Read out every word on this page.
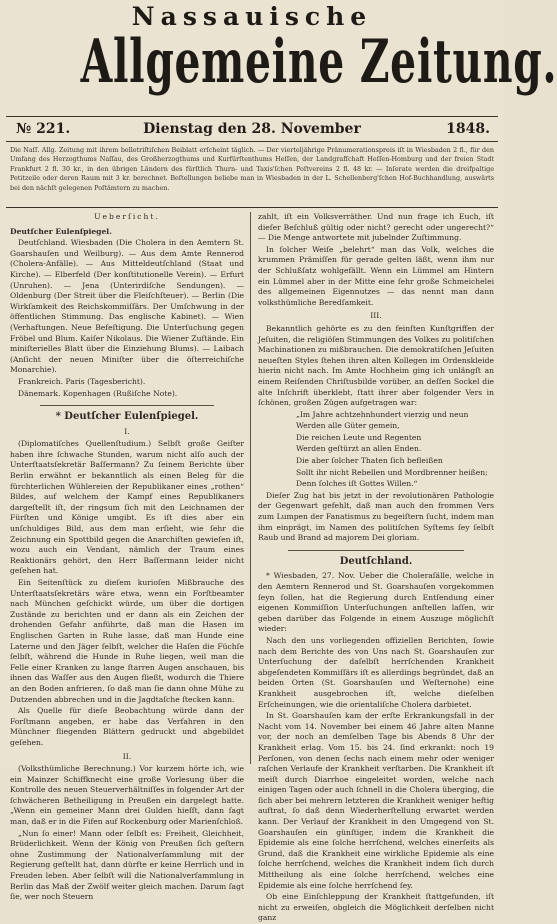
Nassauische
Allgemeine Zeitung.
№ 221.	Dienstag den 28. November	1848.
Die Naſſ. Allg. Zeitung mit ihrem belletriſtiſchen Beiblatt erſcheint täglich. — Der vierteljährige Pränumerationspreis iſt in Wiesbaden 2 fl., für den Umfang des Herzogthums Naſſau, des Großherzogthums und Kurfürſtenthums Heſſen, der Landgrafſchaft Heſſen-Homburg und der freien Stadt Frankfurt 2 fl. 30 kr., in den übrigen Ländern des fürſtlich Thurn- und Taxis'ſchen Poſtvereins 2 fl. 48 kr. — Inſerate werden die dreifpaltige Petitzeile oder deren Raum mit 3 kr. berechnet. Beſtellungen beliebe man in Wiesbaden in der L. Schellenberg'ſchen Hof-Buchhandlung, auswärts bei den nächſt gelegenen Poſtämtern zu machen.
Ueberſicht.

Deutſcher Eulenſpiegel.

Deutſchland. Wiesbaden (Die Cholera in den Aemtern St. Goarshauſen und Weilburg). — Aus dem Amte Rennerod (Cholera-Anfälle). — Aus Mitteldeutſchland (Staat und Kirche). — Elberfeld (Der konſtitutionelle Verein). — Erfurt (Unruhen). — Jena (Unterirdiſche Sendungen). — Oldenburg (Der Streit über die Fleiſchſteuer). — Berlin (Die Wirkſamkeit des Reichskommiſſärs. Der Umſchwung in der öffentlichen Stimmung. Das englische Kabinet). — Wien (Verhaftungen. Neue Befeſtigung. Die Unterſuchung gegen Fröbel und Blum. Kaiſer Nikolaus. Die Wiener Zuſtände. Ein miniſterielles Blatt über die Einziehung Blums). — Laibach (Anſicht der neuen Miniſter über die öſterreichiſche Monarchie).

Frankreich. Paris (Tagesbericht).

Dänemark. Kopenhagen (Rußiſche Note).

* Deutſcher Eulenſpiegel.
I.

(Diplomatiſches Quellenſtudium.) Selbſt große Geiſter haben ihre ſchwache Stunden, warum nicht alſo auch der Unterſtaatsſekretär Baſſermann? Zu ſeinem Berichte über Berlin erwähnt er bekanntlich als einen Beleg für die fürchterlichen Wühlereien der Republikaner eines „rothen“ Bildes, auf welchem der Kampf eines Republikaners dargeſtellt iſt, der ringsum ſich mit den Leichnamen der Fürſten und Könige umgibt. Es iſt dies aber ein unſchuldiges Bild, aus dem man erſieht, wie ſehr die Zeichnung ein Spottbild gegen die Anarchiſten gewieſen iſt, wozu auch ein Vendant, nämlich der Traum eines Reaktionärs gehört, den Herr Baſſermann leider nicht geſehen hat.

Ein Seitenſtück zu dieſem kurioſen Mißbrauche des Unterſtaatsſekretärs wäre etwa, wenn ein Forſtbeamter nach München geſchickt würde, um über die dortigen Zustände zu berichten und er dann als ein Zeichen der drohenden Gefahr anführte, daß man die Hasen im Englischen Garten in Ruhe lasse, daß man Hunde eine Laterne und den Jäger ſelbſt, welcher die Haſen die Füchſe ſelbſt, während die Hunde in Ruhe liegen, weil man die Felle einer Kranken zu lange ſtarren Augen anschauen, bis ihnen das Waſſer aus den Augen fließt, wodurch die Thiere an den Boden anfrieren, ſo daß man ſie dann ohne Mühe zu Dutzenden abbrechen und in die Jagdtaſche ſtecken kann.

Als Quelle für dieſe Beobachtung würde dann der Forſtmann angeben, er habe das Verfahren in den Münchner fliegenden Blättern gedruckt und abgebildet geſehen.

II.

(Volksthümliche Berechnung.) Vor kurzem hörte ich, wie ein Mainzer Schiffknecht eine große Vorlesung über die Kontrolle des neuen Steuerverhältniſſes in folgender Art der ſchwächeren Betheiligung in Preußen ein dargelegt hatte. „Wenn ein gemeiner Mann drei Gulden hieſſt, dann ſagt man, daß er in die Fifen auf Rockenburg oder Marienſchloß.

„Nun ſo einer! Mann oder ſelbſt es: Freiheit, Gleichheit, Brüderlichkeit. Wenn der König von Preußen ſich geſtern ohne Zustimmung der Nationalverſammlung mit der Regierung geſtellt hat, dann dürfte er keine Herrlich und in Freuden leben. Aber ſelbſt will die Nationalverſammlung in Berlin das Maß der Zwölf weiter gleich machen. Darum ſagt ſie, wer noch Steuern

zahlt, iſt ein Volksverräther. Und nun frage ich Euch, iſt dieſer Beſchluß gültig oder nicht? gerecht oder ungerecht?“ — Die Menge antwortete mit jubelnder Zuſtimmung.

In ſolcher Weiſe „belehrt“ man das Volk, welches die krummen Prämiſſen für gerade gelten läßt, wenn ihm nur der Schlußſatz wohlgefällt. Wenn ein Lümmel am Hintern ein Lümmel aber in der Mitte eine ſehr große Schmeichelei des allgemeinen Eigennutzes — das nennt man dann volksthümliche Beredſamkeit.

III.

Bekanntlich gehörte es zu den feinſten Kunſtgriffen der Jeſuiten, die religiöſen Stimmungen des Volkes zu politiſchen Machinationen zu mißbrauchen. Die demokratiſchen Jeſuiten neueſten Styles ſtehen ihren alten Kollegen im Ordenskleide hierin nicht nach. Im Amte Hochheim ging ich unlängſt an einem Reiſenden Chriſtusbilde vorüber, an deſſen Sockel die alte Inſchrift überklebt, ſtatt ihrer aber folgender Vers in ſchönen, großen Zügen aufgetragen war:

„Im Jahre achtzehnhundert vierzig und neun

Werden alle Güter gemein,

Die reichen Leute und Regenten

Werden geſtürzt an allen Enden.

Die aber ſolcher Thaten ſich befleißen

Sollt ihr nicht Rebellen und Mordbrenner heißen;

Denn ſolches iſt Gottes Willen.“

Dieſer Zug hat bis jetzt in der revolutionären Pathologie der Gegenwart gefehlt, daß man auch den frommen Vers zum Lumpen der Fanatismus zu begeiſtern ſucht, indem man ihm einprägt, im Namen des politiſchen Syſtems ſey ſelbſt Raub und Brand ad majorem Dei gloriam.

Deutſchland.

* Wiesbaden, 27. Nov. Ueber die Choleraſälle, welche in den Aemtern Rennerod und St. Goarshauſen vorgekommen ſeyn ſollen, hat die Regierung durch Entſendung einer eigenen Kommiſſion Unterſuchungen anſtellen laſſen, wir geben darüber das Folgende in einem Auszuge möglichſt wieder:

Nach den uns vorliegenden offiziellen Berichten, ſowie nach dem Berichte des von Uns nach St. Goarshauſen zur Unterſuchung der daſelbſt herrſchenden Krankheit abgeſendeten Kommiſſärs iſt es allerdings begründet, daß an beiden Orten (St. Goarshauſen und Weſternohe) eine Krankheit ausgebrochen iſt, welche dieſelben Erſcheinungen, wie die orientaliſche Cholera darbietet.

In St. Goarshauſen kam der erſte Erkrankungsfall in der Nacht vom 14. November bei einem 46 Jahre alten Manne vor, der noch an demſelben Tage bis Abends 8 Uhr der Krankheit erlag. Vom 15. bis 24. ſind erkrankt: noch 19 Perſonen, von denen ſechs nach einem mehr oder weniger raſchen Verlaufe der Krankheit verſtarben. Die Krankheit iſt meiſt durch Diarrhoe eingeleitet worden, welche nach einigen Tagen oder auch ſchnell in die Cholera überging, die ſich aber bei mehrern letzteren die Krankheit weniger heftig auftrat, ſo daß denn Wiederherſtellung erwartet werden kann. Der Verlauf der Krankheit in den Umgegend von St. Goarshauſen ein günſtiger, indem die Krankheit die Epidemie als eine ſolche herrſchend, welches einerſeits als Grund, daß die Krankheit eine wirkliche Epidemie als eine ſolche herrſchend, welches die Krankheit indem ſich durch Mittheilung als eine ſolche herrſchend, welches eine Epidemie als eine ſolche herrſchend ſey.

Ob eine Einſchleppung der Krankheit ſtattgefunden, iſt nicht zu erweiſen, obgleich die Möglichkeit derſelben nicht ganz
